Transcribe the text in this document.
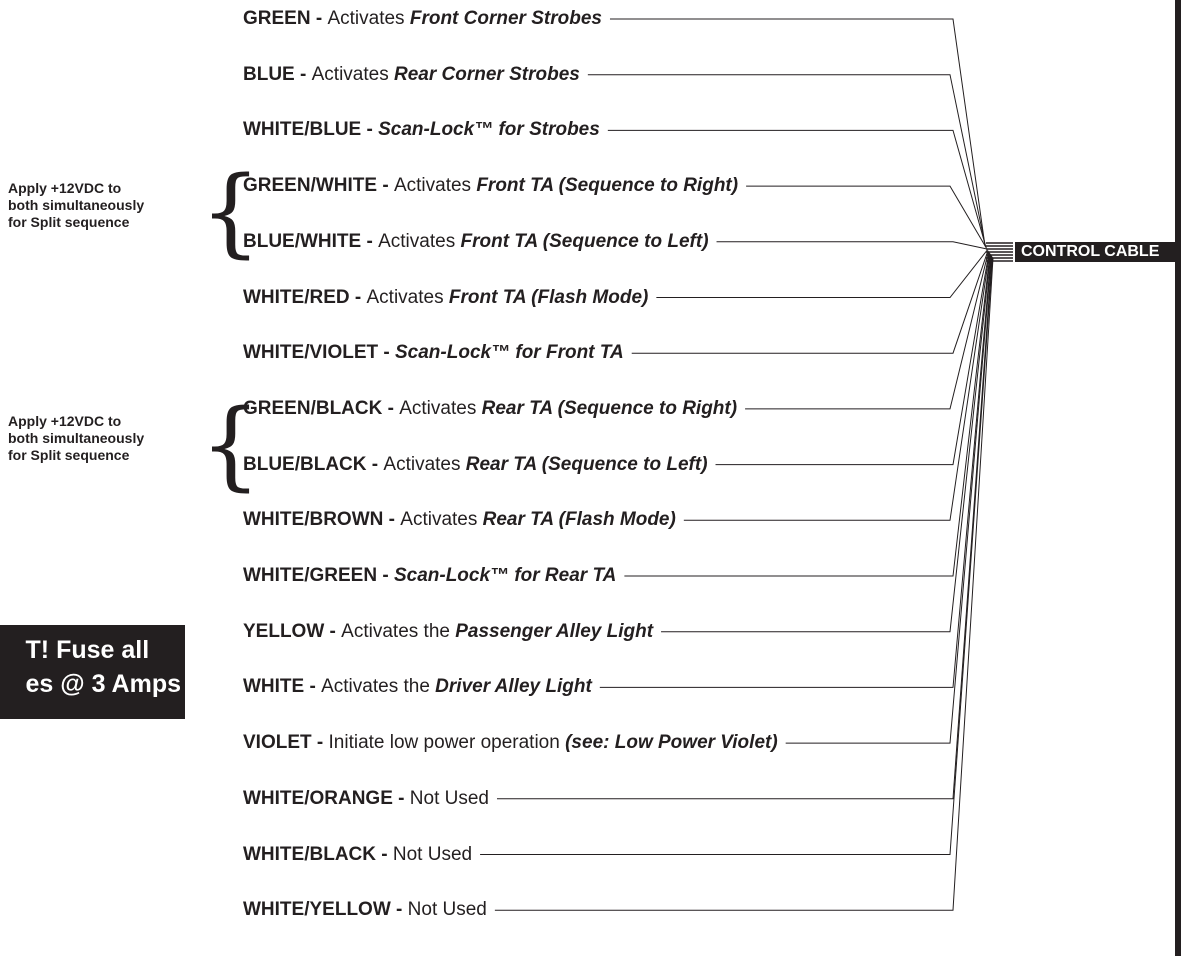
GREEN - Activates Front Corner Strobes
BLUE - Activates Rear Corner Strobes
WHITE/BLUE - Scan-Lock™ for Strobes
GREEN/WHITE - Activates Front TA (Sequence to Right)
BLUE/WHITE - Activates Front TA (Sequence to Left)
WHITE/RED - Activates Front TA (Flash Mode)
WHITE/VIOLET - Scan-Lock™ for Front TA
GREEN/BLACK - Activates Rear TA (Sequence to Right)
BLUE/BLACK - Activates Rear TA (Sequence to Left)
WHITE/BROWN - Activates Rear TA (Flash Mode)
WHITE/GREEN - Scan-Lock™ for Rear TA
YELLOW - Activates the Passenger Alley Light
WHITE - Activates the Driver Alley Light
VIOLET - Initiate low power operation (see: Low Power Violet)
WHITE/ORANGE - Not Used
WHITE/BLACK - Not Used
WHITE/YELLOW - Not Used
Apply +12VDC to
both simultaneously
for Split sequence {
Apply +12VDC to
both simultaneously
for Split sequence {
T! Fuse all
es @ 3 Amps
CONTROL CABLE
